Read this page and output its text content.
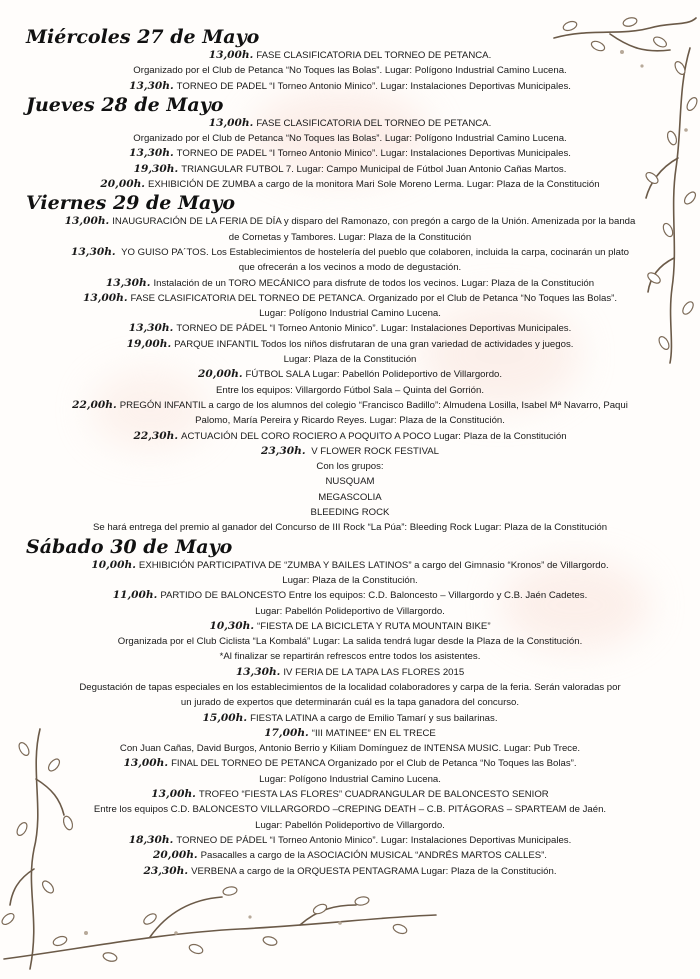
Miércoles 27 de Mayo

13,00h. FASE CLASIFICATORIA DEL TORNEO DE PETANCA.

Organizado por el Club de Petanca “No Toques las Bolas”. Lugar: Polígono Industrial Camino Lucena.

13,30h. TORNEO DE PADEL “I Torneo Antonio Minico”. Lugar: Instalaciones Deportivas Municipales.

Jueves 28 de Mayo

13,00h. FASE CLASIFICATORIA DEL TORNEO DE PETANCA.

Organizado por el Club de Petanca “No Toques las Bolas”. Lugar: Polígono Industrial Camino Lucena.

13,30h. TORNEO DE PADEL “I Torneo Antonio Minico”. Lugar: Instalaciones Deportivas Municipales.

19,30h. TRIANGULAR FUTBOL 7. Lugar: Campo Municipal de Fútbol Juan Antonio Cañas Martos.

20,00h. EXHIBICIÓN DE ZUMBA a cargo de la monitora Mari Sole Moreno Lerma. Lugar: Plaza de la Constitución

Viernes 29 de Mayo

13,00h. INAUGURACIÓN DE LA FERIA DE DÍA y disparo del Ramonazo, con pregón a cargo de la Unión. Amenizada por la banda

de Cornetas y Tambores. Lugar: Plaza de la Constitución

13,30h. YO GUISO PA´TOS. Los Establecimientos de hostelería del pueblo que colaboren, incluida la carpa, cocinarán un plato

que ofrecerán a los vecinos a modo de degustación.

13,30h. Instalación de un TORO MECÁNICO para disfrute de todos los vecinos. Lugar: Plaza de la Constitución

13,00h. FASE CLASIFICATORIA DEL TORNEO DE PETANCA. Organizado por el Club de Petanca “No Toques las Bolas”.

Lugar: Polígono Industrial Camino Lucena.

13,30h. TORNEO DE PÁDEL “I Torneo Antonio Minico”. Lugar: Instalaciones Deportivas Municipales.

19,00h. PARQUE INFANTIL Todos los niños disfrutaran de una gran variedad de actividades y juegos.

Lugar: Plaza de la Constitución

20,00h. FÚTBOL SALA Lugar: Pabellón Polideportivo de Villargordo.

Entre los equipos: Villargordo Fútbol Sala – Quinta del Gorrión.

22,00h. PREGÓN INFANTIL a cargo de los alumnos del colegio “Francisco Badillo”: Almudena Losilla, Isabel Mª Navarro, Paqui

Palomo, María Pereira y Ricardo Reyes. Lugar: Plaza de la Constitución.

22,30h. ACTUACIÓN DEL CORO ROCIERO A POQUITO A POCO Lugar: Plaza de la Constitución

23,30h. V FLOWER ROCK FESTIVAL

Con los grupos:

NUSQUAM

MEGASCOLIA

BLEEDING ROCK

Se hará entrega del premio al ganador del Concurso de III Rock “La Púa”: Bleeding Rock Lugar: Plaza de la Constitución

Sábado 30 de Mayo

10,00h. EXHIBICIÓN PARTICIPATIVA DE “ZUMBA Y BAILES LATINOS” a cargo del Gimnasio “Kronos” de Villargordo.

Lugar: Plaza de la Constitución.

11,00h. PARTIDO DE BALONCESTO Entre los equipos: C.D. Baloncesto – Villargordo y C.B. Jaén Cadetes.

Lugar: Pabellón Polideportivo de Villargordo.

10,30h. “FIESTA DE LA BICICLETA Y RUTA MOUNTAIN BIKE”

Organizada por el Club Ciclista “La Kombalá” Lugar: La salida tendrá lugar desde la Plaza de la Constitución.

*Al finalizar se repartirán refrescos entre todos los asistentes.

13,30h. IV FERIA DE LA TAPA LAS FLORES 2015

Degustación de tapas especiales en los establecimientos de la localidad colaboradores y carpa de la feria. Serán valoradas por

un jurado de expertos que determinarán cuál es la tapa ganadora del concurso.

15,00h. FIESTA LATINA a cargo de Emilio Tamarí y sus bailarinas.

17,00h. “III MATINEE” EN EL TRECE

Con Juan Cañas, David Burgos, Antonio Berrio y Kiliam Domínguez de INTENSA MUSIC. Lugar: Pub Trece.

13,00h. FINAL DEL TORNEO DE PETANCA Organizado por el Club de Petanca “No Toques las Bolas”.

Lugar: Polígono Industrial Camino Lucena.

13,00h. TROFEO “FIESTA LAS FLORES” CUADRANGULAR DE BALONCESTO SENIOR

Entre los equipos C.D. BALONCESTO VILLARGORDO –CREPING DEATH – C.B. PITÁGORAS – SPARTEAM de Jaén.

Lugar: Pabellón Polideportivo de Villargordo.

18,30h. TORNEO DE PÁDEL “I Torneo Antonio Minico”. Lugar: Instalaciones Deportivas Municipales.

20,00h. Pasacalles a cargo de la ASOCIACIÓN MUSICAL “ANDRÉS MARTOS CALLES”.

23,30h. VERBENA a cargo de la ORQUESTA PENTAGRAMA Lugar: Plaza de la Constitución.
